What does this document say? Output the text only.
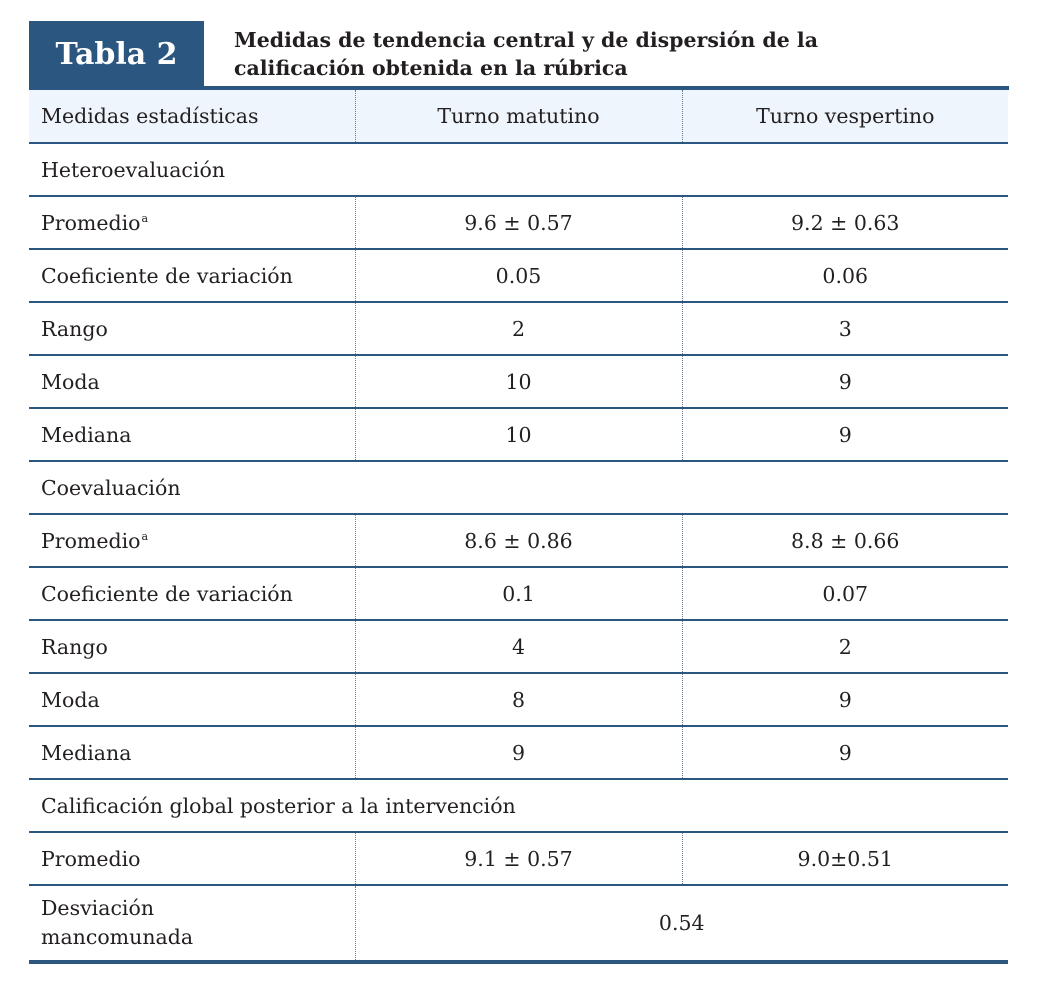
Tabla 2	Medidas de tendencia central y de dispersión de la
calificación obtenida en la rúbrica
Medidas estadísticas	Turno matutino	Turno vespertino
Heteroevaluación		
Promedio$^a$	9.6 ± 0.57	9.2 ± 0.63
Coeficiente de variación	0.05	0.06
Rango	2	3
Moda	10	9
Mediana	10	9
Coevaluación		
Promedio$^a$	8.6 ± 0.86	8.8 ± 0.66
Coeficiente de variación	0.1	0.07
Rango	4	2
Moda	8	9
Mediana	9	9
Calificación global posterior a la intervención		
Promedio	9.1 ± 0.57	9.0±0.51

Desviación
mancomunada	0.54	
